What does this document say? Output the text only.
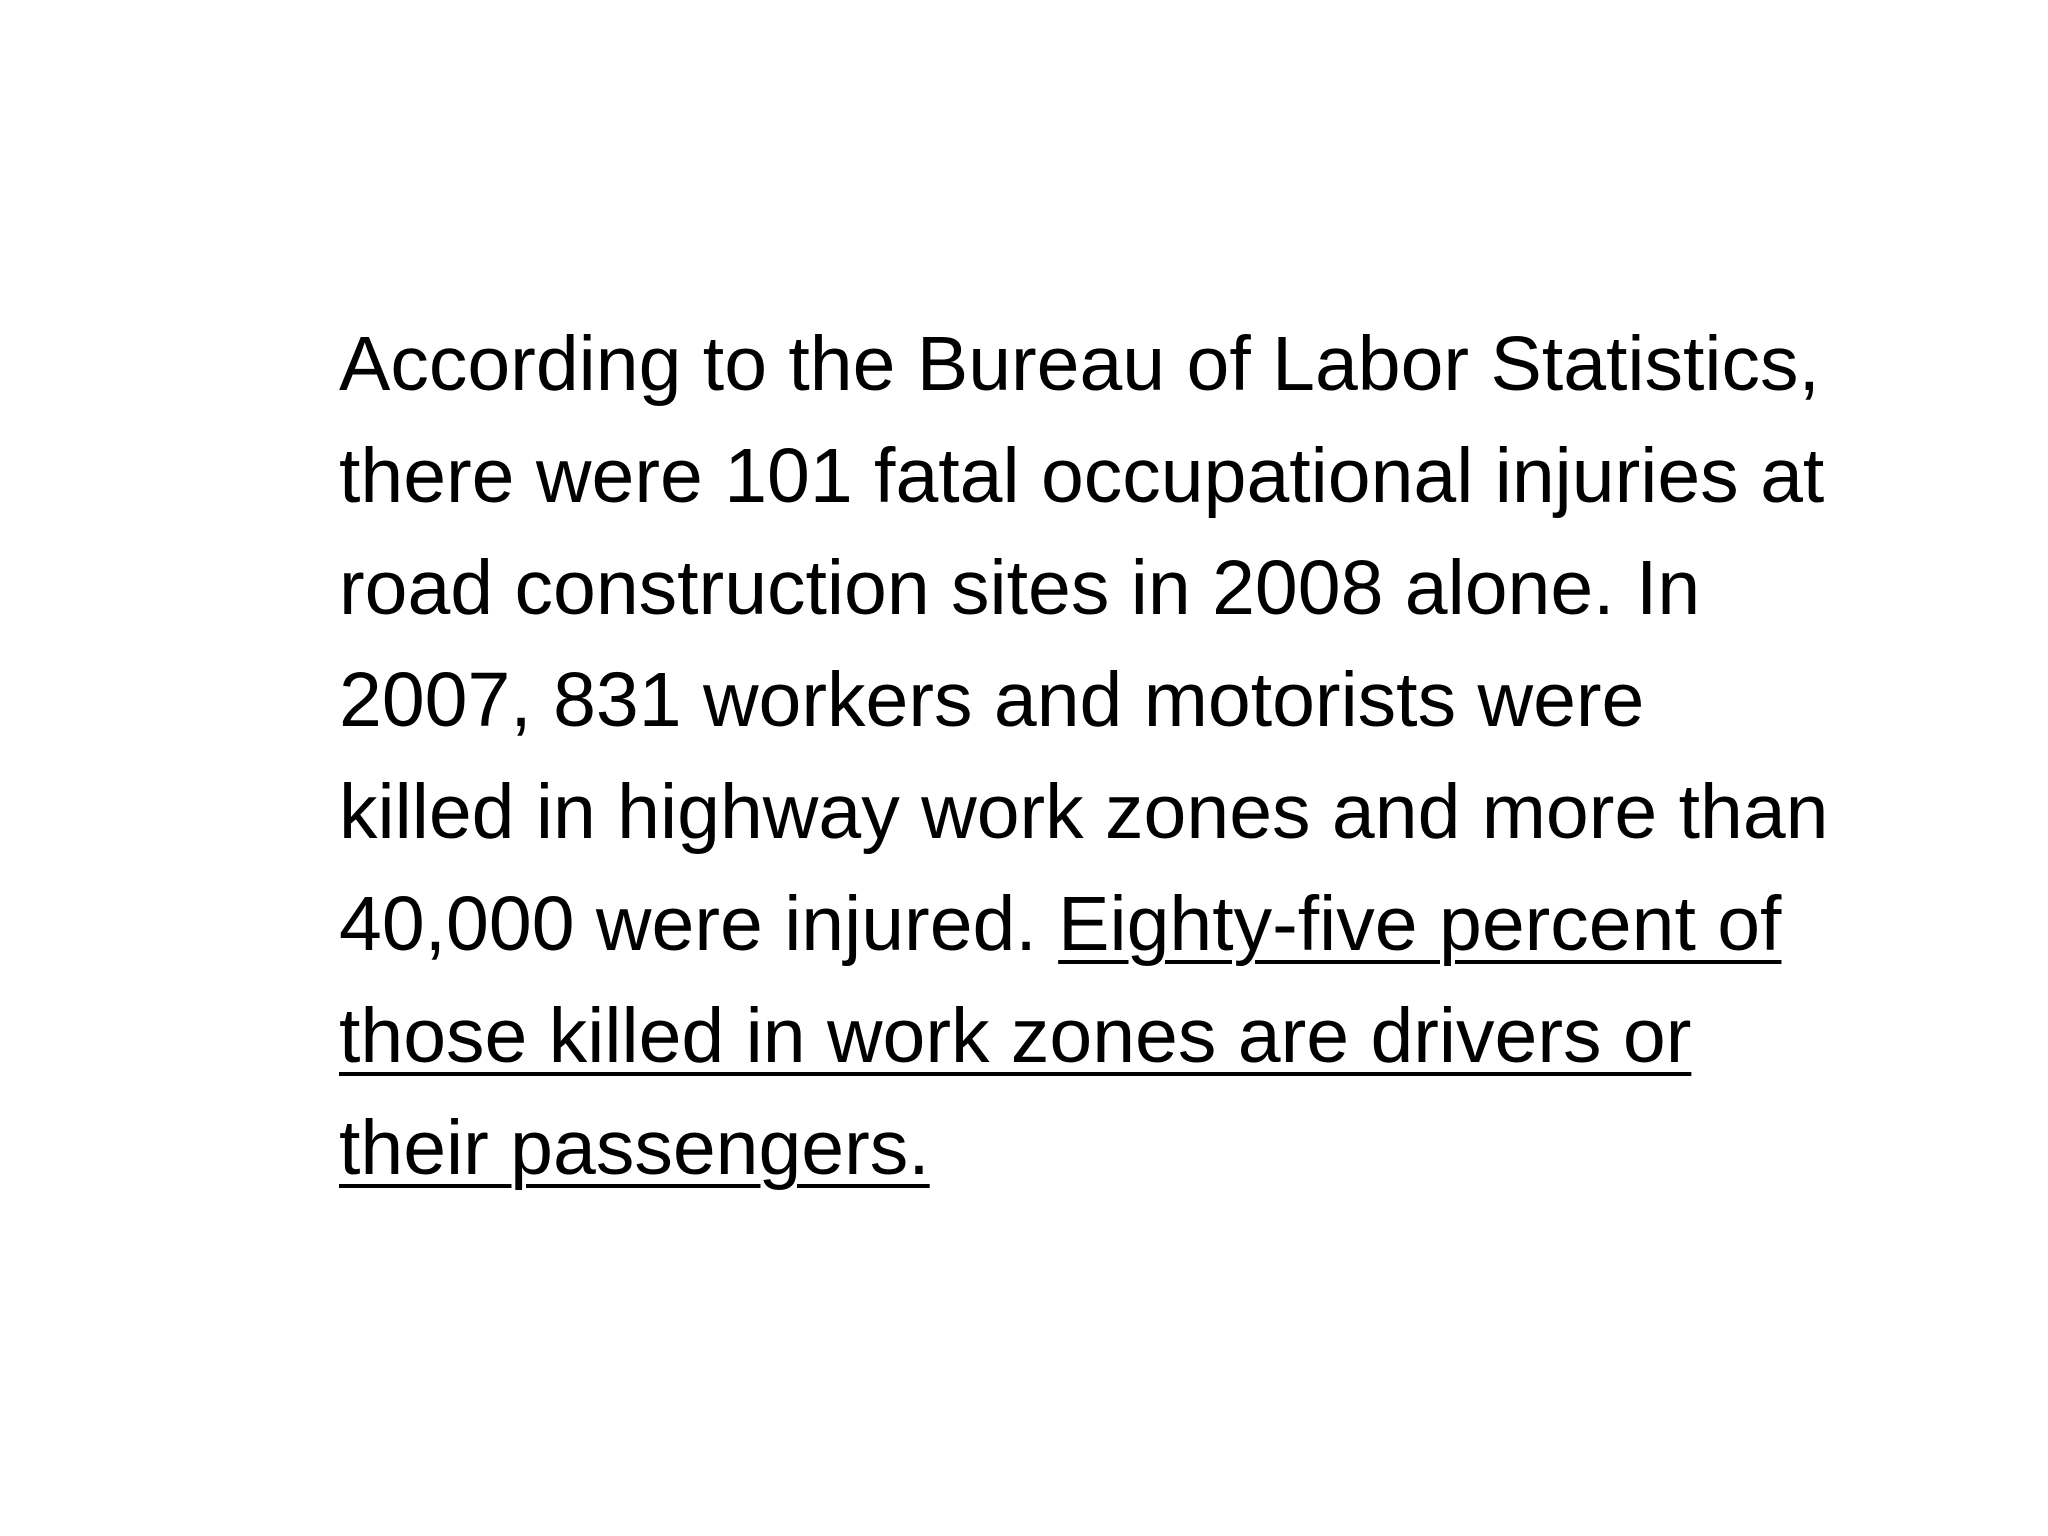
According to the Bureau of Labor Statistics,
there were 101 fatal occupational injuries at
road construction sites in 2008 alone. In
2007, 831 workers and motorists were
killed in highway work zones and more than
40,000 were injured. Eighty-five percent of
those killed in work zones are drivers or
their passengers.
